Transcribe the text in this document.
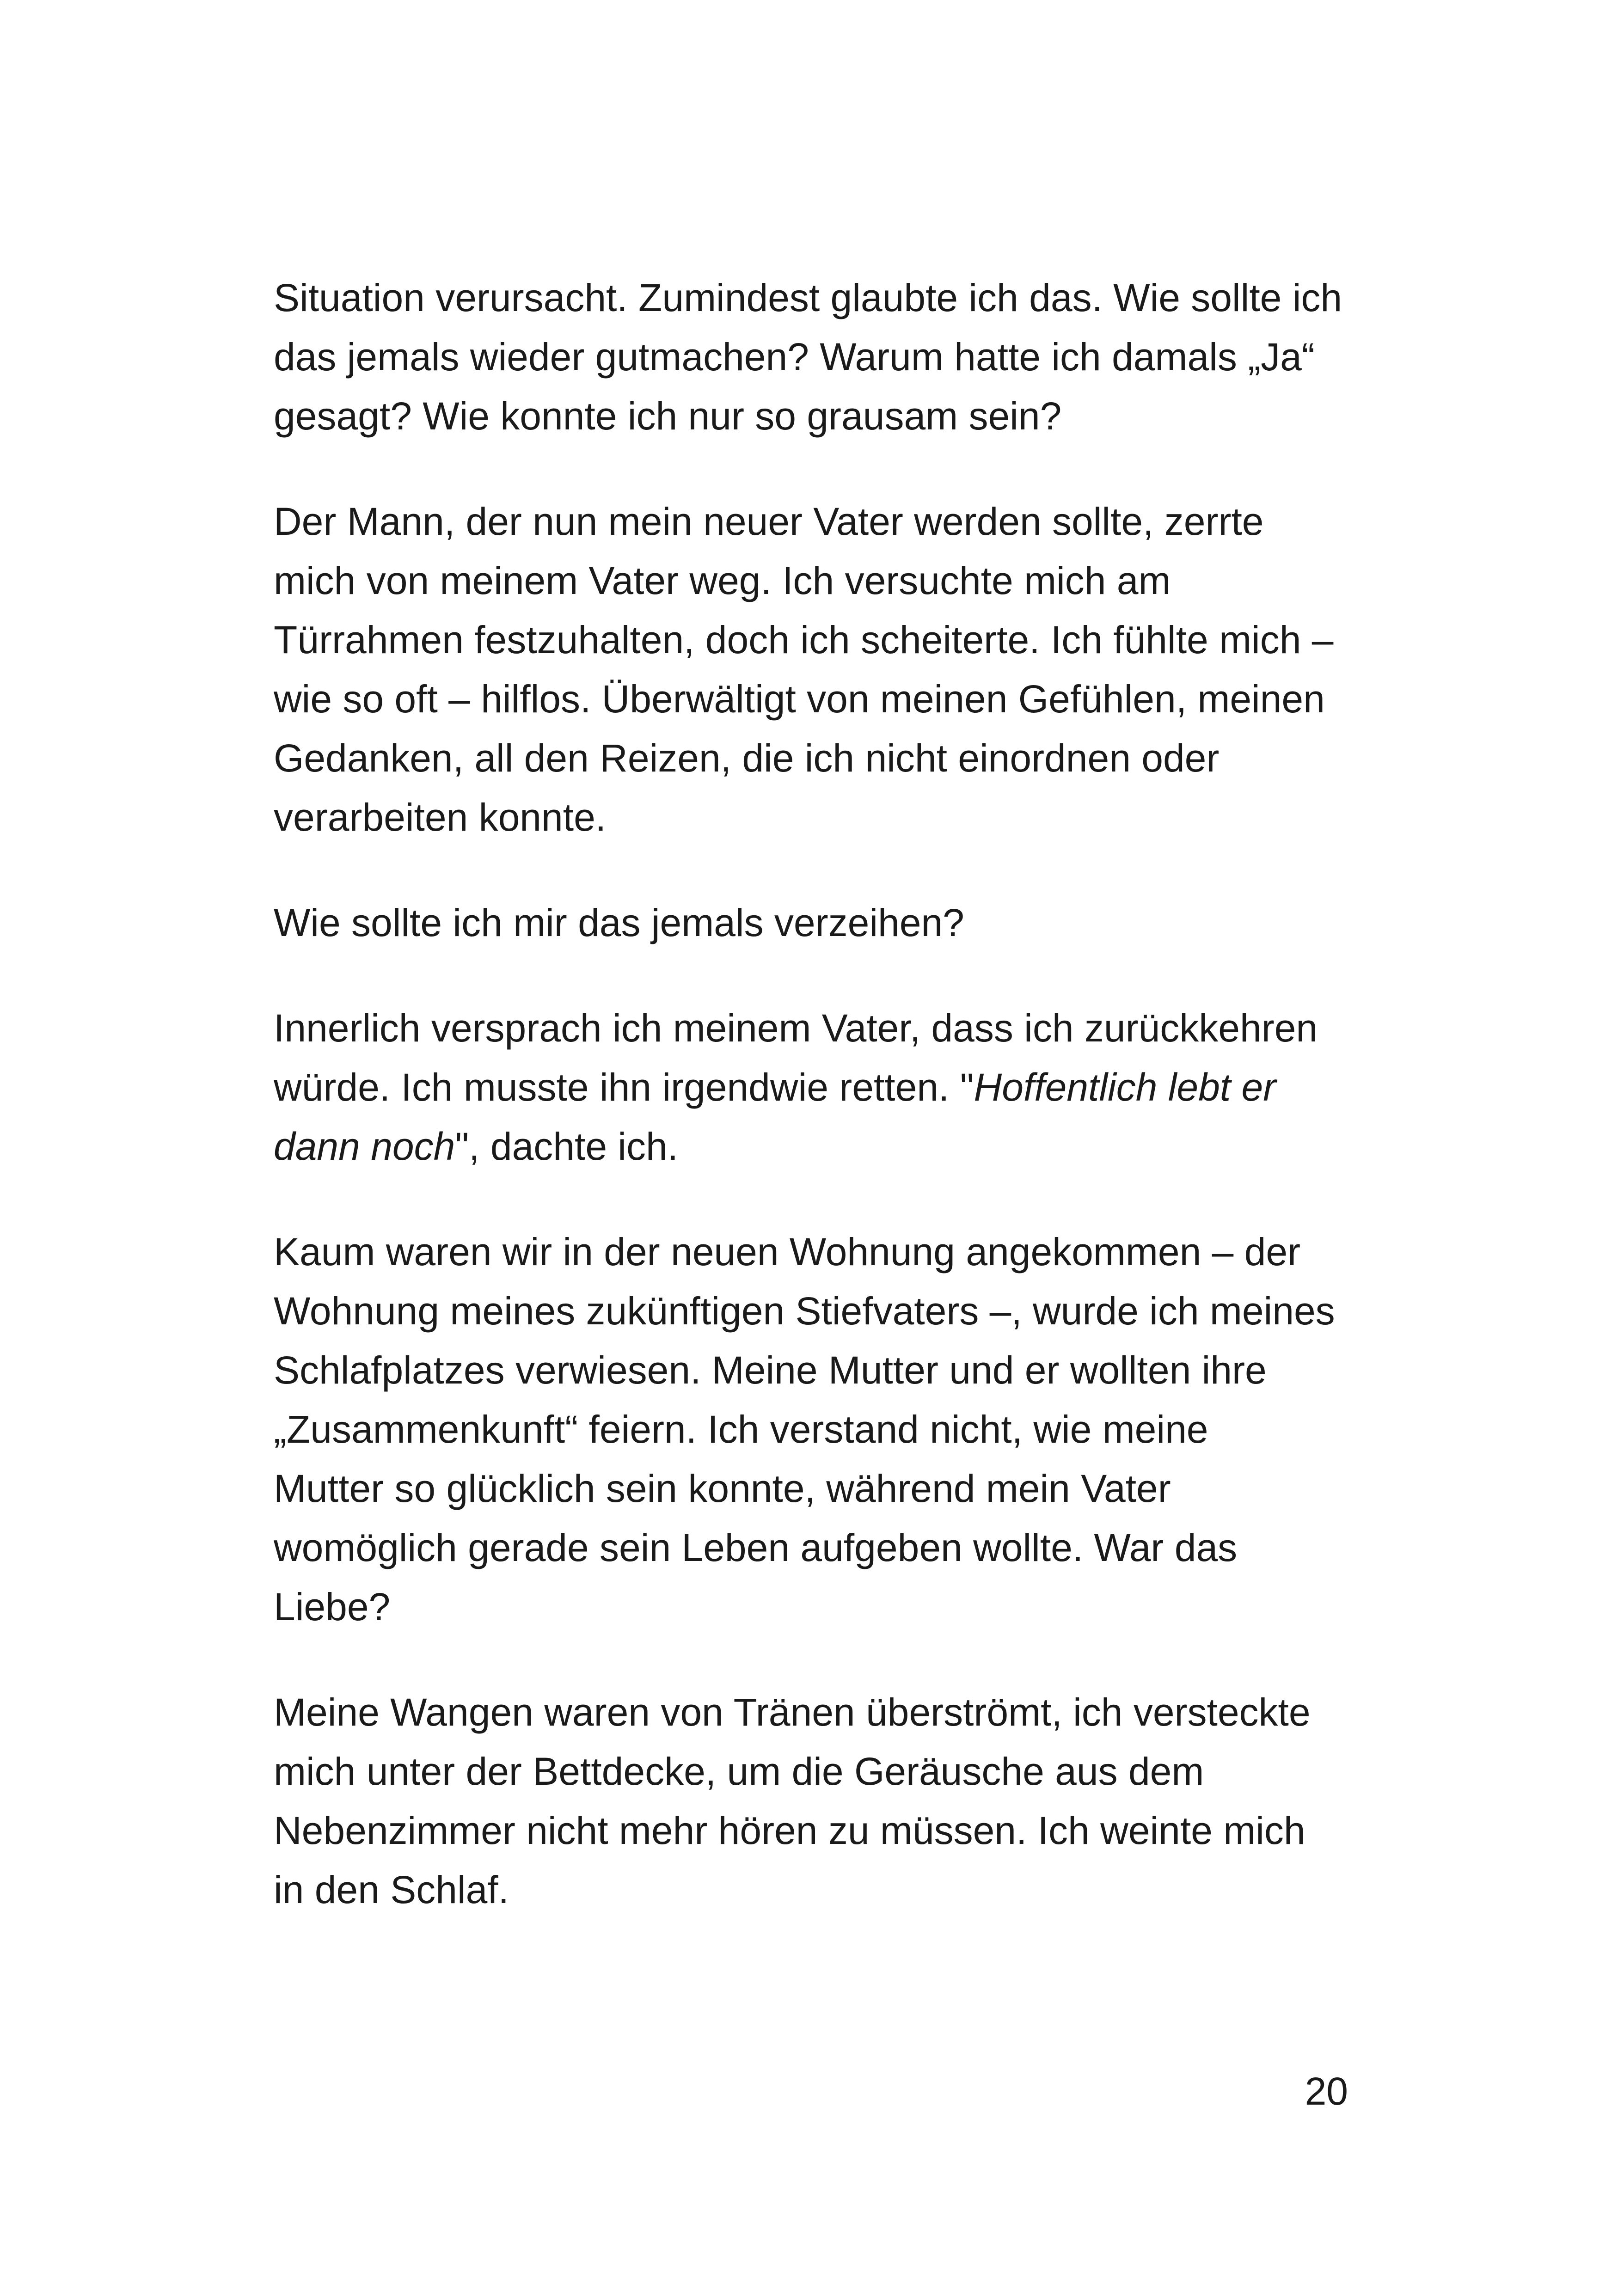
Situation verursacht. Zumindest glaubte ich das. Wie sollte ich
das jemals wieder gutmachen? Warum hatte ich damals „Ja“
gesagt? Wie konnte ich nur so grausam sein?
Der Mann, der nun mein neuer Vater werden sollte, zerrte
mich von meinem Vater weg. Ich versuchte mich am
Türrahmen festzuhalten, doch ich scheiterte. Ich fühlte mich –
wie so oft – hilflos. Überwältigt von meinen Gefühlen, meinen
Gedanken, all den Reizen, die ich nicht einordnen oder
verarbeiten konnte.
Wie sollte ich mir das jemals verzeihen?
Innerlich versprach ich meinem Vater, dass ich zurückkehren
würde. Ich musste ihn irgendwie retten. "Hoffentlich lebt er
dann noch", dachte ich.
Kaum waren wir in der neuen Wohnung angekommen – der
Wohnung meines zukünftigen Stiefvaters –, wurde ich meines
Schlafplatzes verwiesen. Meine Mutter und er wollten ihre
„Zusammenkunft“ feiern. Ich verstand nicht, wie meine
Mutter so glücklich sein konnte, während mein Vater
womöglich gerade sein Leben aufgeben wollte. War das
Liebe?
Meine Wangen waren von Tränen überströmt, ich versteckte
mich unter der Bettdecke, um die Geräusche aus dem
Nebenzimmer nicht mehr hören zu müssen. Ich weinte mich
in den Schlaf.
20
